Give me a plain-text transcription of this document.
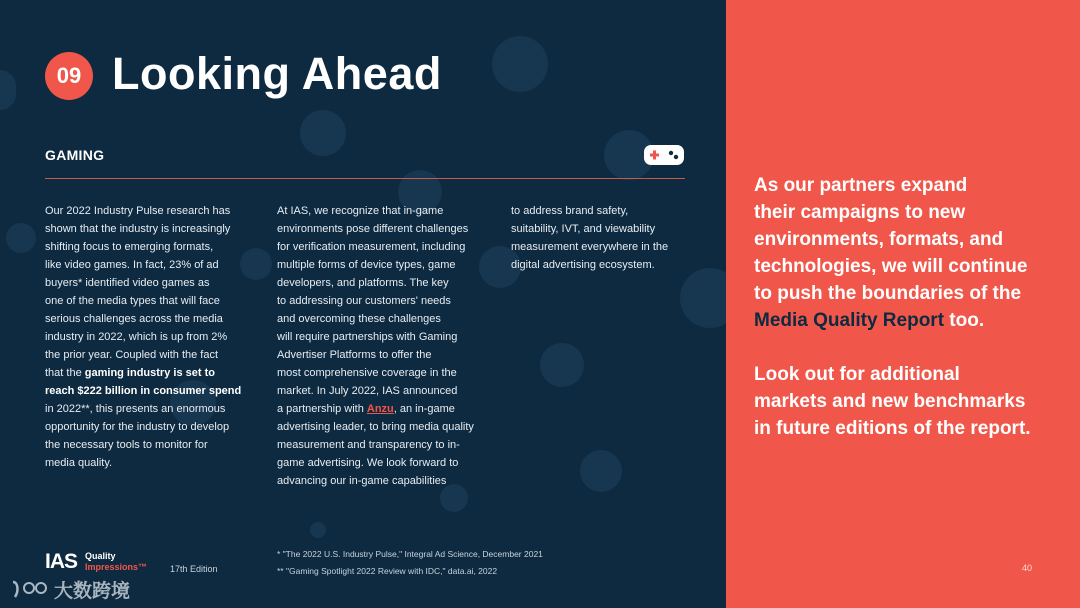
09 Looking Ahead
GAMING

Our 2022 Industry Pulse research has

shown that the industry is increasingly

shifting focus to emerging formats,

like video games. In fact, 23% of ad

buyers* identified video games as

one of the media types that will face

serious challenges across the media

industry in 2022, which is up from 2%

the prior year. Coupled with the fact

that the gaming industry is set to

reach $222 billion in consumer spend

in 2022**, this presents an enormous

opportunity for the industry to develop

the necessary tools to monitor for

media quality.

At IAS, we recognize that in-game

environments pose different challenges

for verification measurement, including

multiple forms of device types, game

developers, and platforms. The key

to addressing our customers' needs

and overcoming these challenges

will require partnerships with Gaming

Advertiser Platforms to offer the

most comprehensive coverage in the

market. In July 2022, IAS announced

a partnership with Anzu, an in-game

advertising leader, to bring media quality

measurement and transparency to in-

game advertising. We look forward to

advancing our in-game capabilities

to address brand safety,

suitability, IVT, and viewability

measurement everywhere in the

digital advertising ecosystem.

As our partners expand
their campaigns to new
environments, formats, and
technologies, we will continue
to push the boundaries of the
Media Quality Report too.
Look out for additional
markets and new benchmarks
in future editions of the report.
IAS Quality
Impressions™	17th Edition
* "The 2022 U.S. Industry Pulse," Integral Ad Science, December 2021
** "Gaming Spotlight 2022 Review with IDC," data.ai, 2022	40
大数跨境
